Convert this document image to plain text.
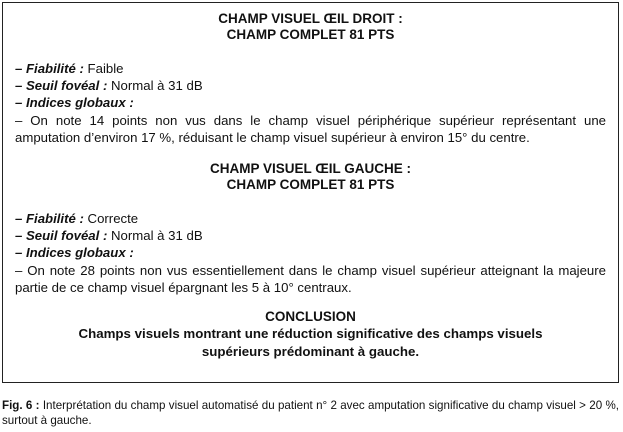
CHAMP VISUEL ŒIL DROIT :
CHAMP COMPLET 81 PTS
– Fiabilité : Faible
– Seuil fovéal : Normal à 31 dB
– Indices globaux :
– On note 14 points non vus dans le champ visuel périphérique supérieur représentant une amputation d’environ 17 %, réduisant le champ visuel supérieur à environ 15° du centre.
CHAMP VISUEL ŒIL GAUCHE :
CHAMP COMPLET 81 PTS
– Fiabilité : Correcte
– Seuil fovéal : Normal à 31 dB
– Indices globaux :
– On note 28 points non vus essentiellement dans le champ visuel supérieur atteignant la majeure partie de ce champ visuel épargnant les 5 à 10° centraux.
CONCLUSION
Champs visuels montrant une réduction significative des champs visuels
supérieurs prédominant à gauche.
Fig. 6 : Interprétation du champ visuel automatisé du patient n° 2 avec amputation significative du champ visuel > 20 %, surtout à gauche.
